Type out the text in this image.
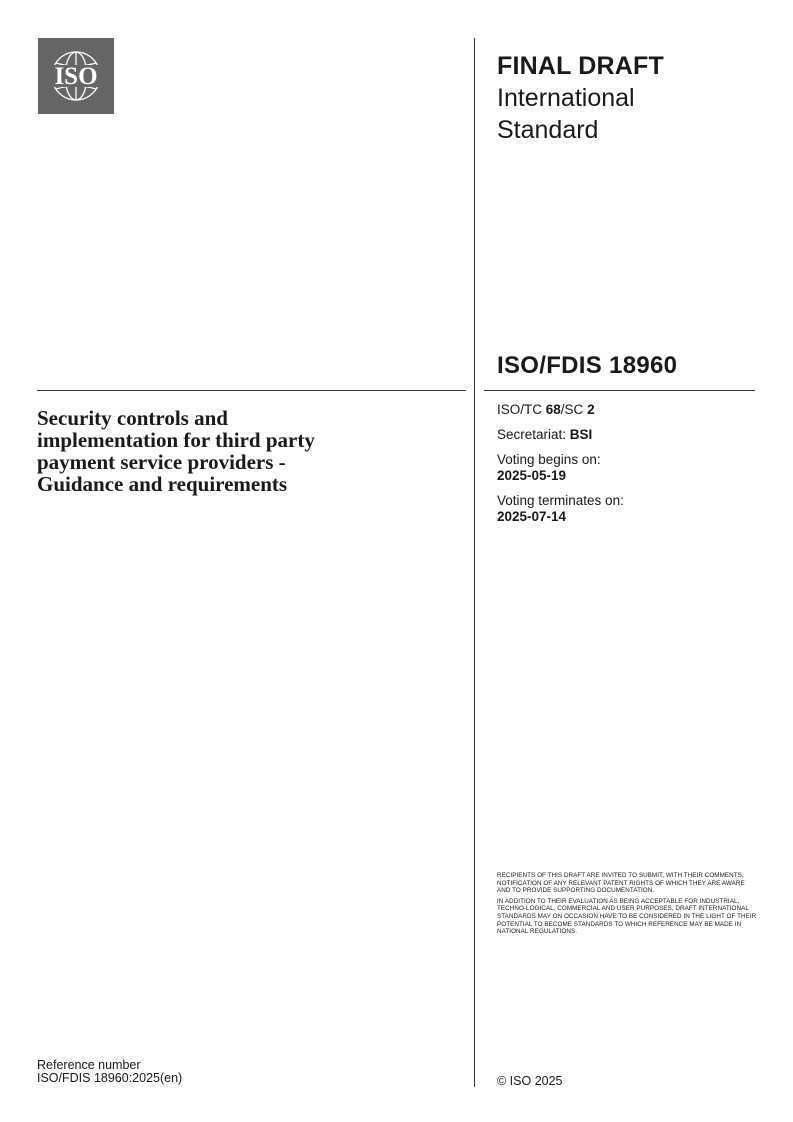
ISO	FINAL DRAFT
International
Standard
ISO/FDIS 18960
Security controls and
implementation for third party
payment service providers -
Guidance and requirements

ISO/TC 68/SC 2

Secretariat: BSI

Voting begins on:

2025-05-19

Voting terminates on:

2025-07-14

RECIPIENTS OF THIS DRAFT ARE INVITED TO SUBMIT, WITH THEIR COMMENTS, NOTIFICATION OF ANY RELEVANT PATENT RIGHTS OF WHICH THEY ARE AWARE AND TO PROVIDE SUPPORTING DOCUMENTATION.

IN ADDITION TO THEIR EVALUATION AS BEING ACCEPTABLE FOR INDUSTRIAL, TECHNO-LOGICAL, COMMERCIAL AND USER PURPOSES, DRAFT INTERNATIONAL STANDARDS MAY ON OCCASION HAVE TO BE CONSIDERED IN THE LIGHT OF THEIR POTENTIAL TO BECOME STANDARDS TO WHICH REFERENCE MAY BE MADE IN NATIONAL REGULATIONS.

Reference number
ISO/FDIS 18960:2025(en)	© ISO 2025
